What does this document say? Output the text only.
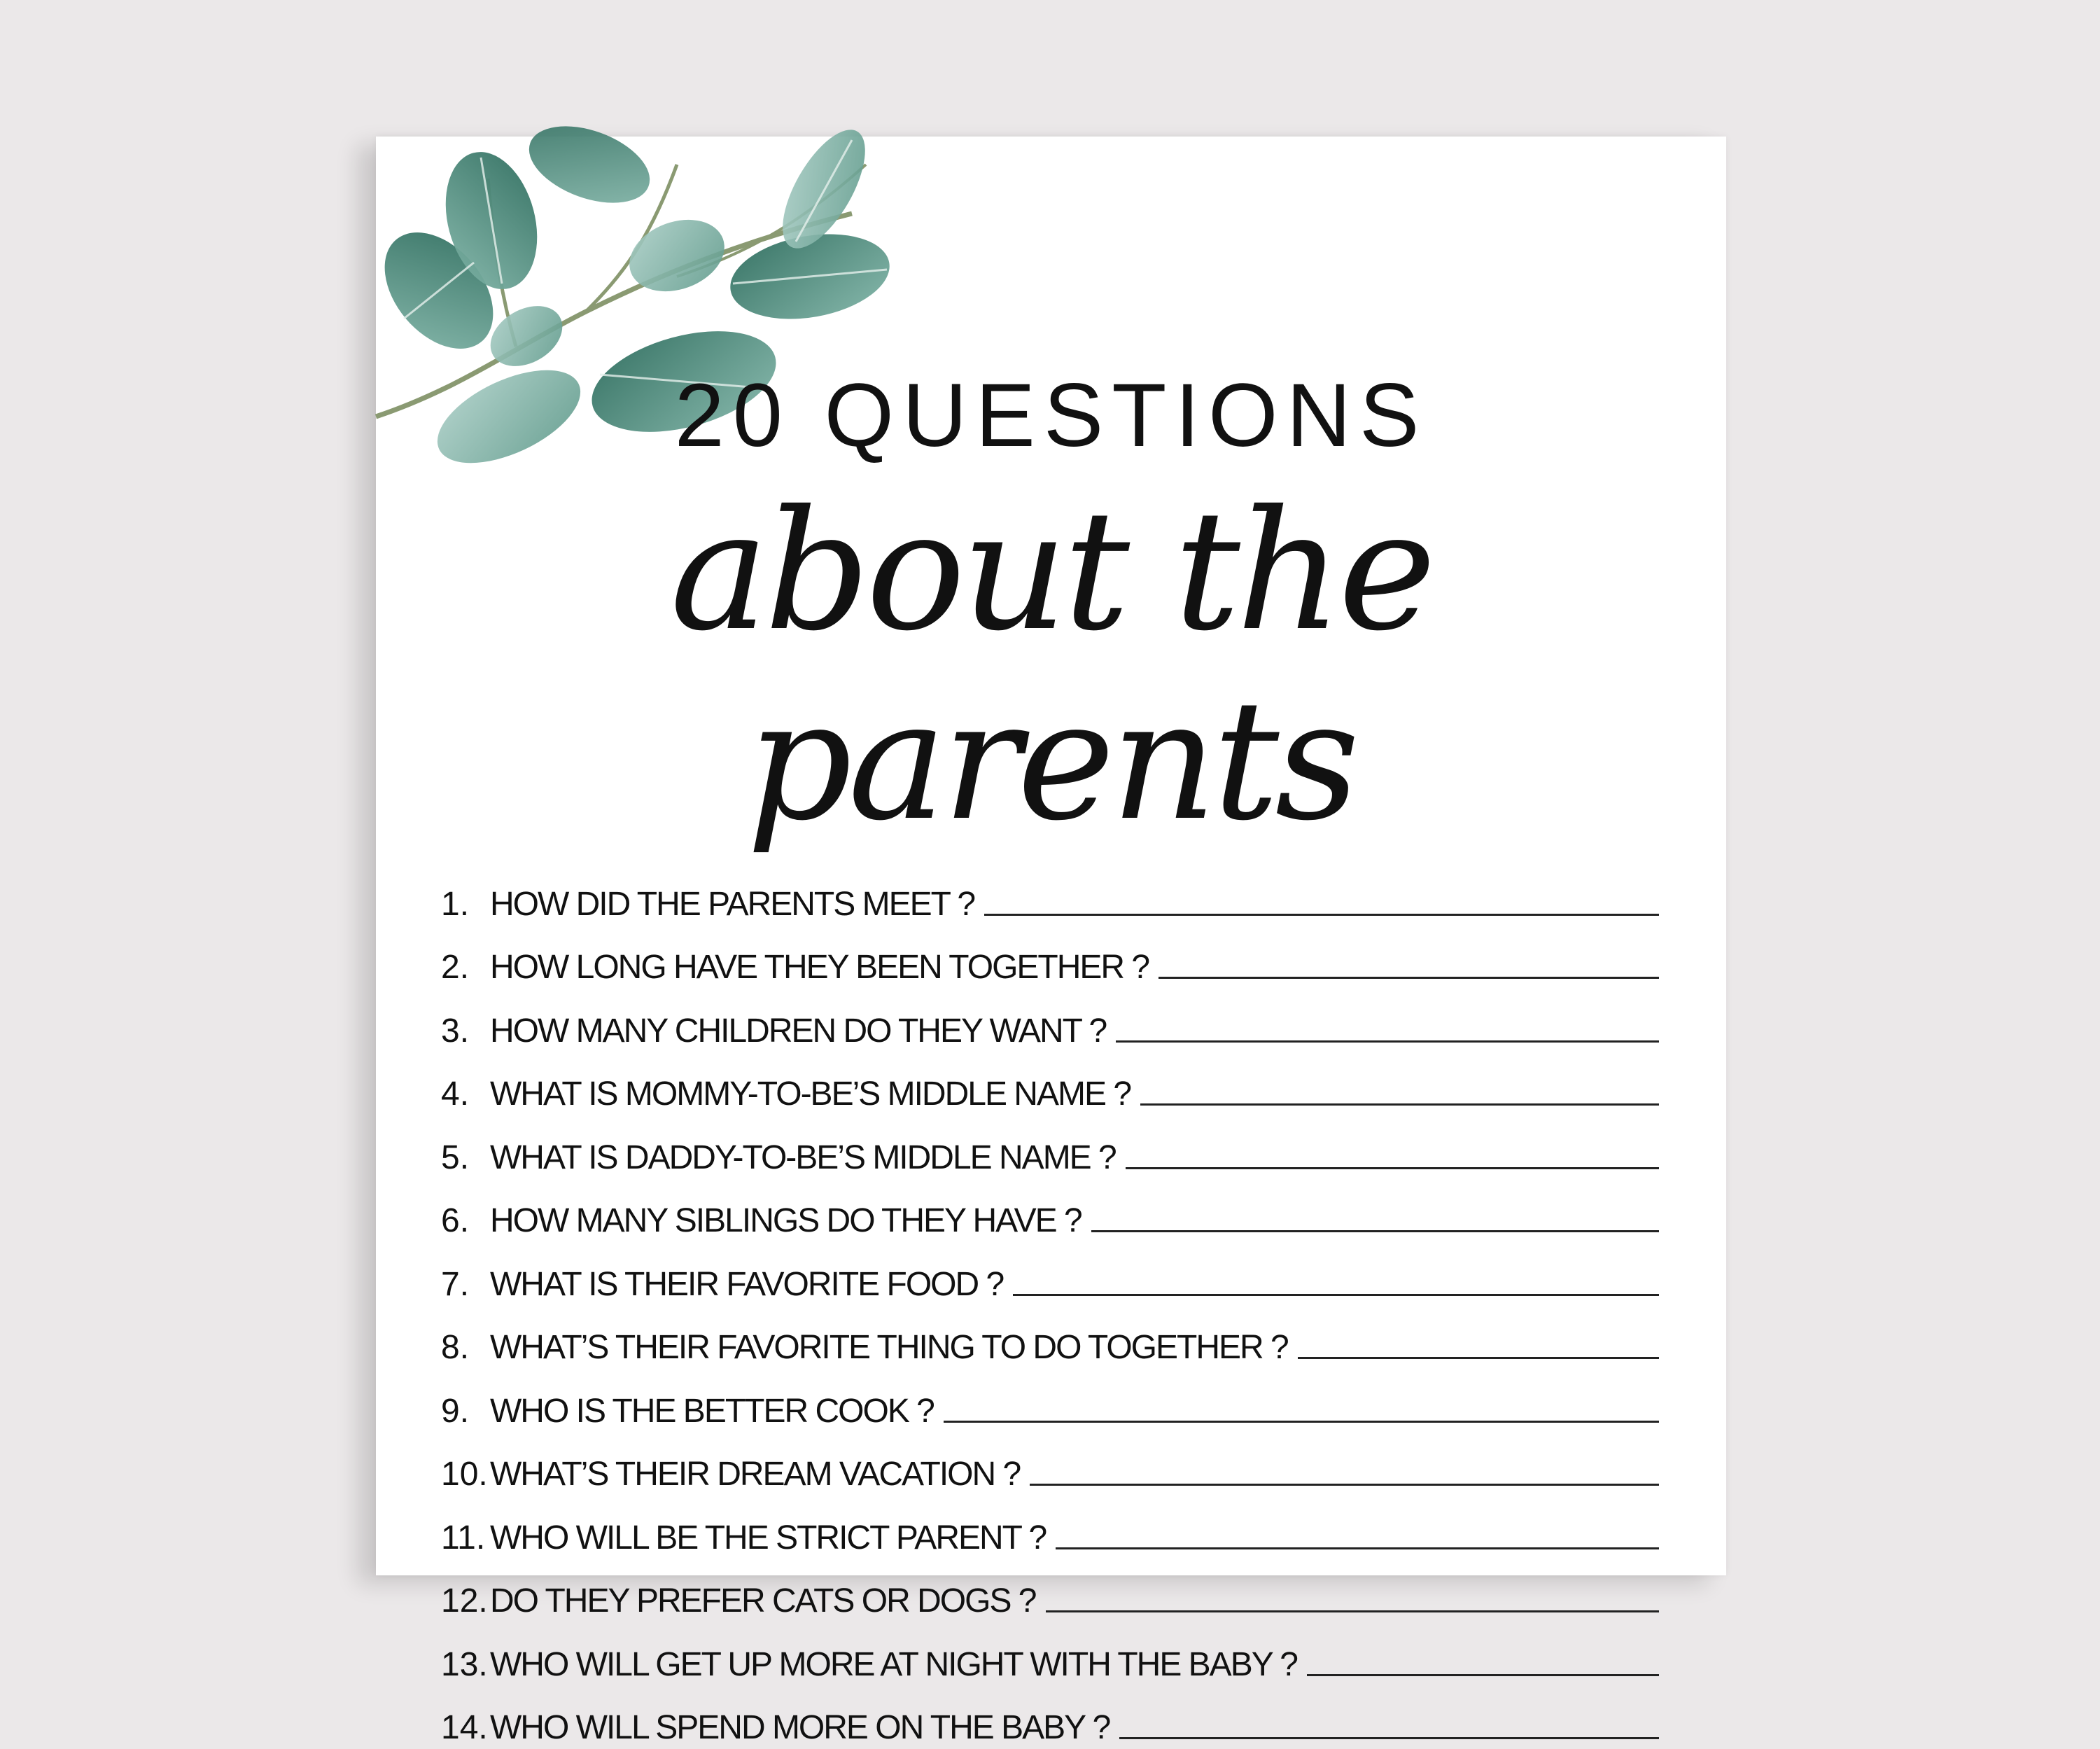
20 QUESTIONS
about the parents
1. HOW DID THE PARENTS MEET ?
2. HOW LONG HAVE THEY BEEN TOGETHER ?
3. HOW MANY CHILDREN DO THEY WANT ?
4. WHAT IS MOMMY-TO-BE’S MIDDLE NAME ?
5. WHAT IS DADDY-TO-BE’S MIDDLE NAME ?
6. HOW MANY SIBLINGS DO THEY HAVE ?
7. WHAT IS THEIR FAVORITE FOOD ?
8. WHAT’S THEIR FAVORITE THING TO DO TOGETHER ?
9. WHO IS THE BETTER COOK ?
10. WHAT’S THEIR DREAM VACATION ?
11. WHO WILL BE THE STRICT PARENT ?
12. DO THEY PREFER CATS OR DOGS ?
13. WHO WILL GET UP MORE AT NIGHT WITH THE BABY ?
14. WHO WILL SPEND MORE ON THE BABY ?
